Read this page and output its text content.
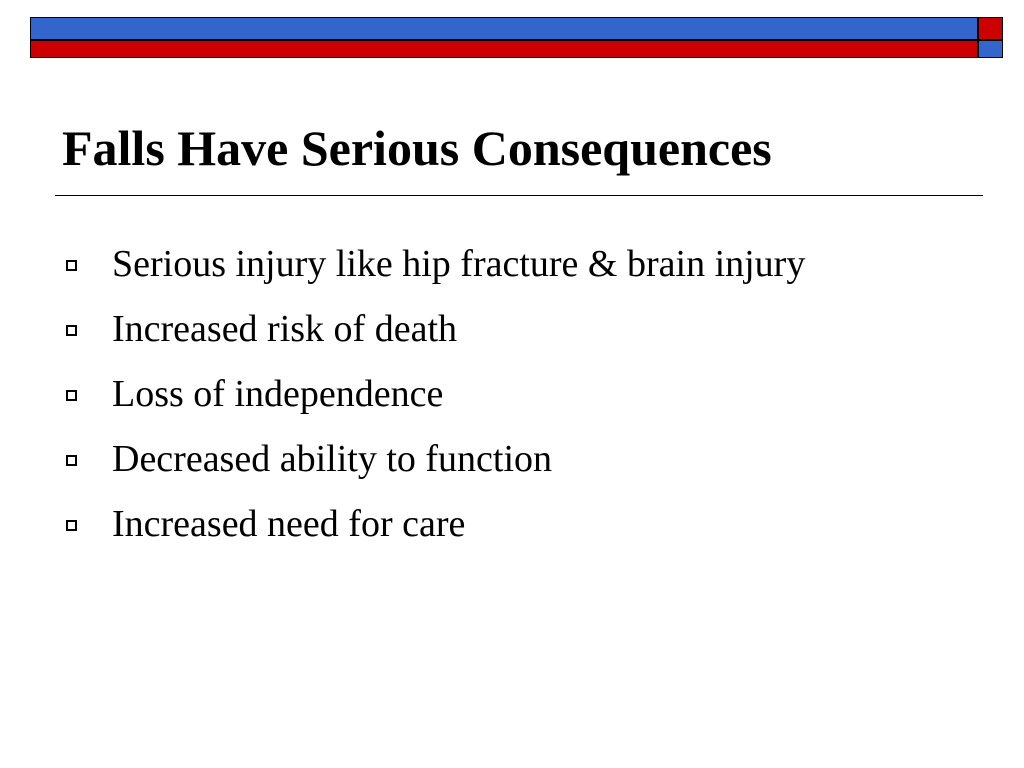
Falls Have Serious Consequences
Serious injury like hip fracture & brain injury
Increased risk of death
Loss of independence
Decreased ability to function
Increased need for care
